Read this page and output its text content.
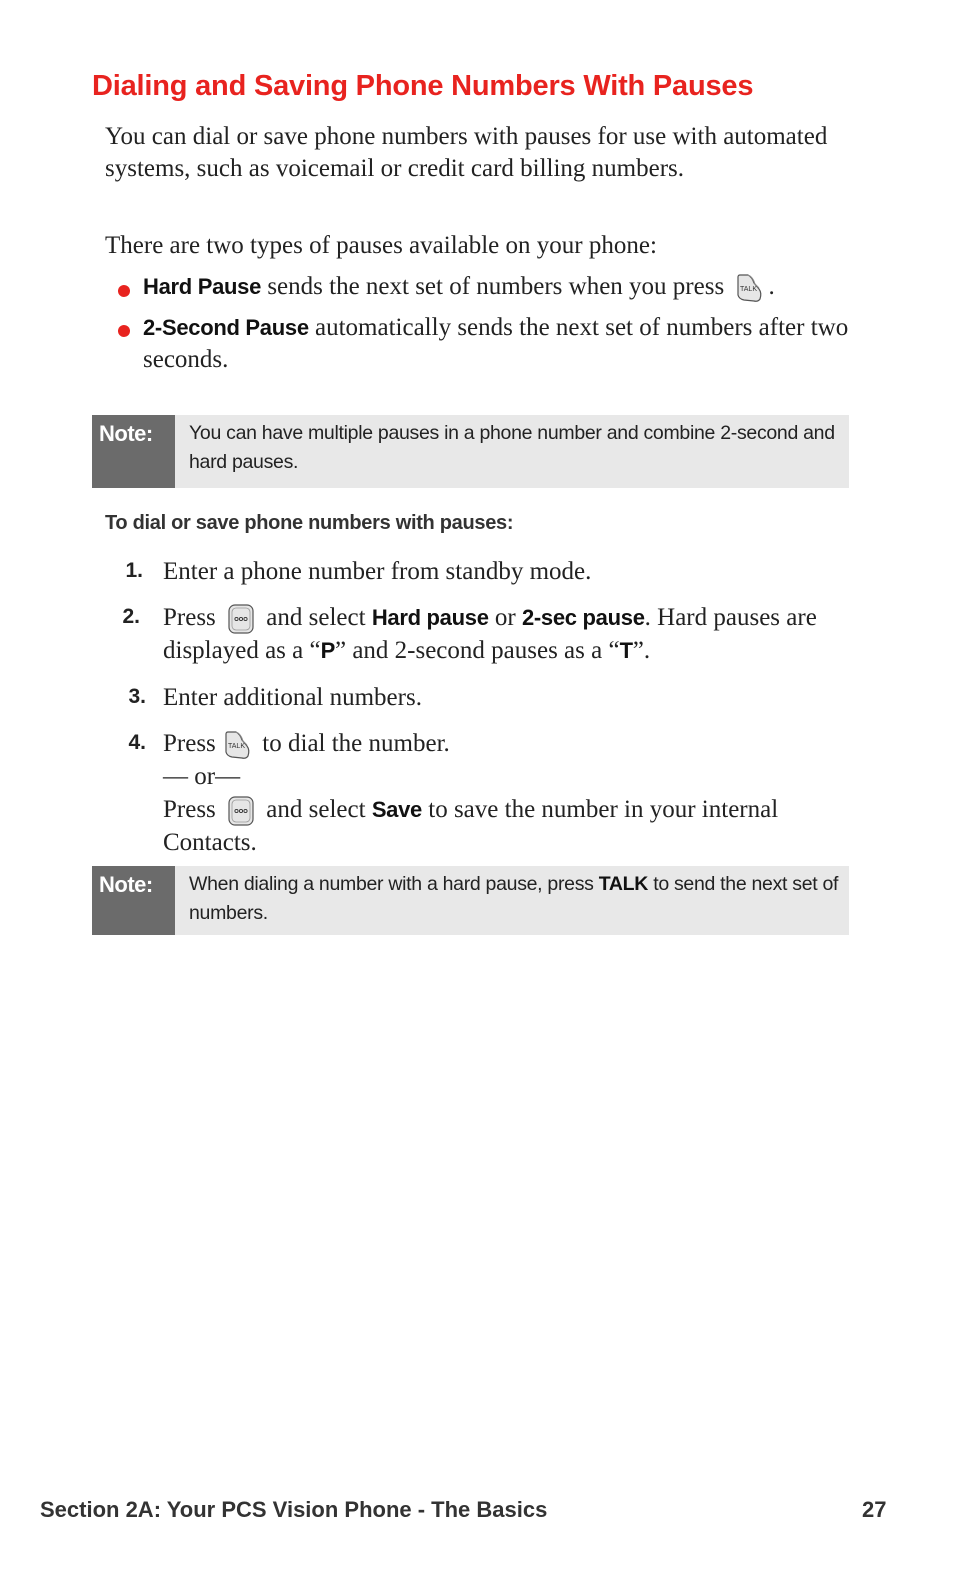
Dialing and Saving Phone Numbers With Pauses

You can dial or save phone numbers with pauses for use with automated systems, such as voicemail or credit card billing numbers.

There are two types of pauses available on your phone:

Hard Pause sends the next set of numbers when you press .

2-Second Pause automatically sends the next set of numbers after two seconds.

Note:	You can have multiple pauses in a phone number and combine 2-second and hard pauses.

To dial or save phone numbers with pauses:
1. Enter a phone number from standby mode.

2. Press  and select Hard pause or 2-sec pause. Hard pauses are displayed as a “P” and 2-second pauses as a “T”.

3. Enter additional numbers.

4. Press  to dial the number.
— or—
Press  and select Save to save the number in your internal Contacts.

Note:	When dialing a number with a hard pause, press TALK to send the next set of numbers.

Section 2A: Your PCS Vision Phone - The Basics	27
